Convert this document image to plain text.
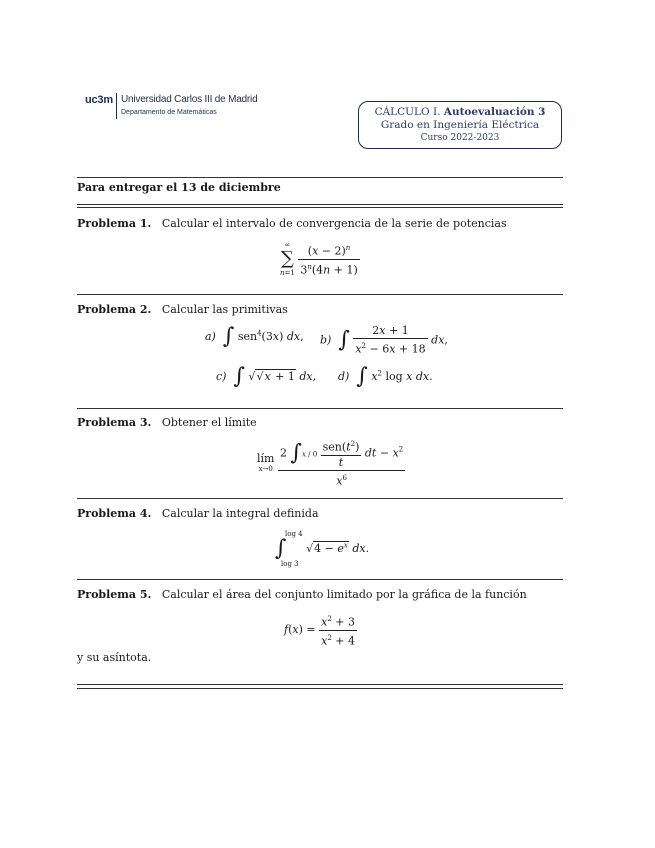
uc3m Universidad Carlos III de Madrid
Departamento de Matemáticas	CÁLCULO I. Autoevaluación 3
Grado en Ingeniería Eléctrica
Curso 2022-2023
Para entregar el 13 de diciembre
Problema 1. Calcular el intervalo de convergencia de la serie de potencias
∞
∑
n=1
$\frac{(x - 2)^n}{3^n(4n + 1)}$
Problema 2. Calcular las primitivas
a) ∫ sen$^4$(3x) dx, b) ∫ $\frac{2x + 1}{x^2 - 6x + 18}$ dx,
c) ∫ √√x + 1 dx, d) ∫ $x^2$ log x dx.
Problema 3. Obtener el límite
lím
x→0
$\frac{2 \int x / 0 \frac{sen(t^2)}{t} dt - x^2}{x^6}$
Problema 4. Calcular la integral definida
log 4
∫
log 3
$√4 - e^x$ dx.
Problema 5. Calcular el área del conjunto limitado por la gráfica de la función
$f(x) = \frac{x^2 + 3}{x^2 + 4}$
y su asíntota.
